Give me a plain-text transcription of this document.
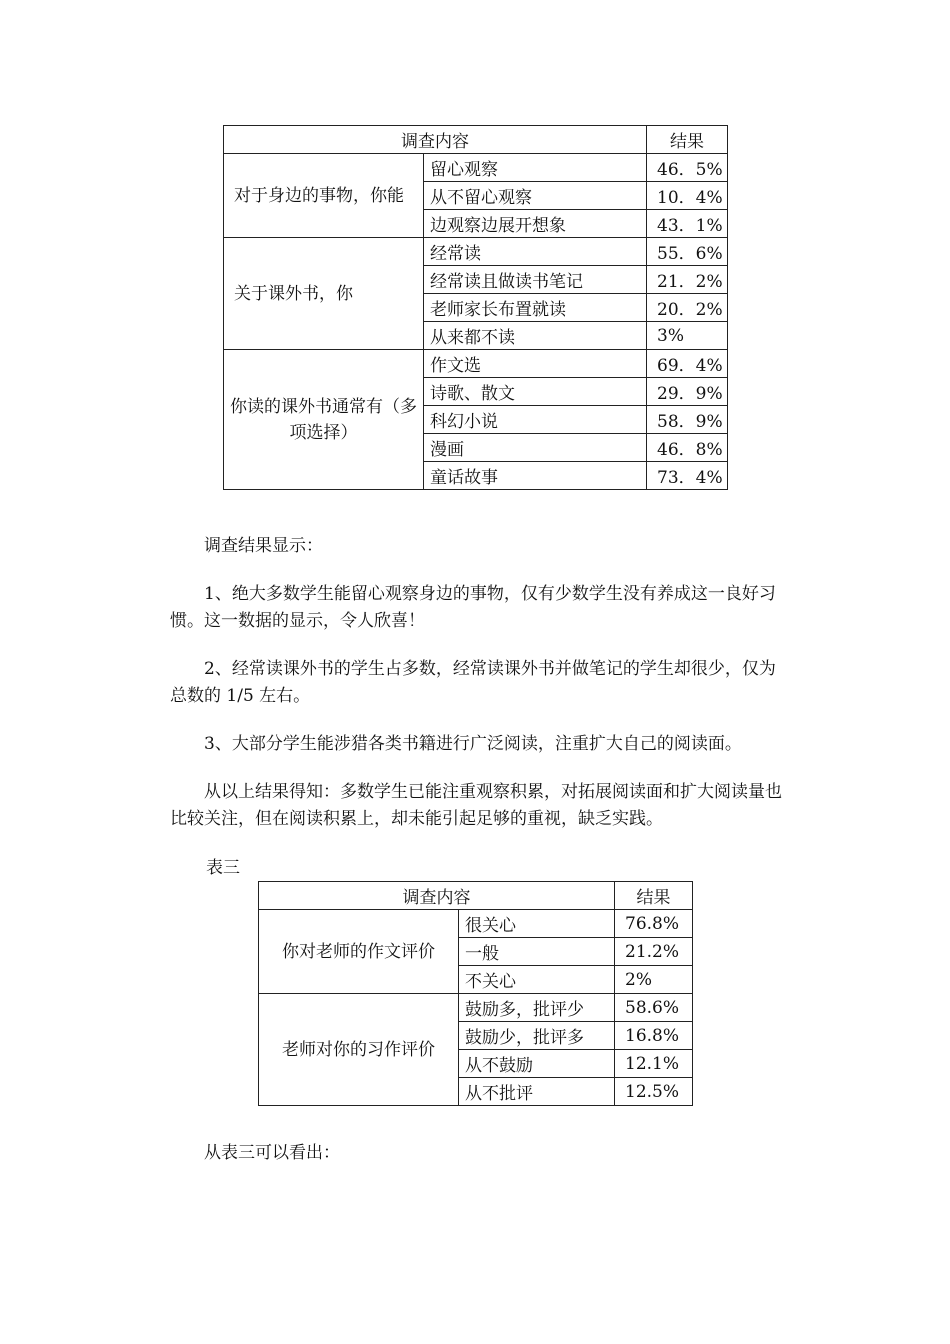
调查内容		结果
对于身边的事物，你能	留心观察	46．5%
	从不留心观察	10．4%
	边观察边展开想象	43．1%
关于课外书，你	经常读	55．6%
	经常读且做读书笔记	21．2%
	老师家长布置就读	20．2%
	从来都不读	3%
你读的课外书通常有（多项选择）	作文选	69．4%
	诗歌、散文	29．9%
	科幻小说	58．9%
	漫画	46．8%
	童话故事	73．4%

调查结果显示：

1、绝大多数学生能留心观察身边的事物，仅有少数学生没有养成这一良好习惯。这一数据的显示，令人欣喜！

2、经常读课外书的学生占多数，经常读课外书并做笔记的学生却很少，仅为总数的 1/5 左右。

3、大部分学生能涉猎各类书籍进行广泛阅读，注重扩大自己的阅读面。

从以上结果得知：多数学生已能注重观察积累，对拓展阅读面和扩大阅读量也比较关注，但在阅读积累上，却未能引起足够的重视，缺乏实践。

表三

调查内容		结果
你对老师的作文评价	很关心	76.8%
	一般	21.2%
	不关心	2%
老师对你的习作评价	鼓励多，批评少	58.6%
	鼓励少，批评多	16.8%
	从不鼓励	12.1%
	从不批评	12.5%

从表三可以看出：
